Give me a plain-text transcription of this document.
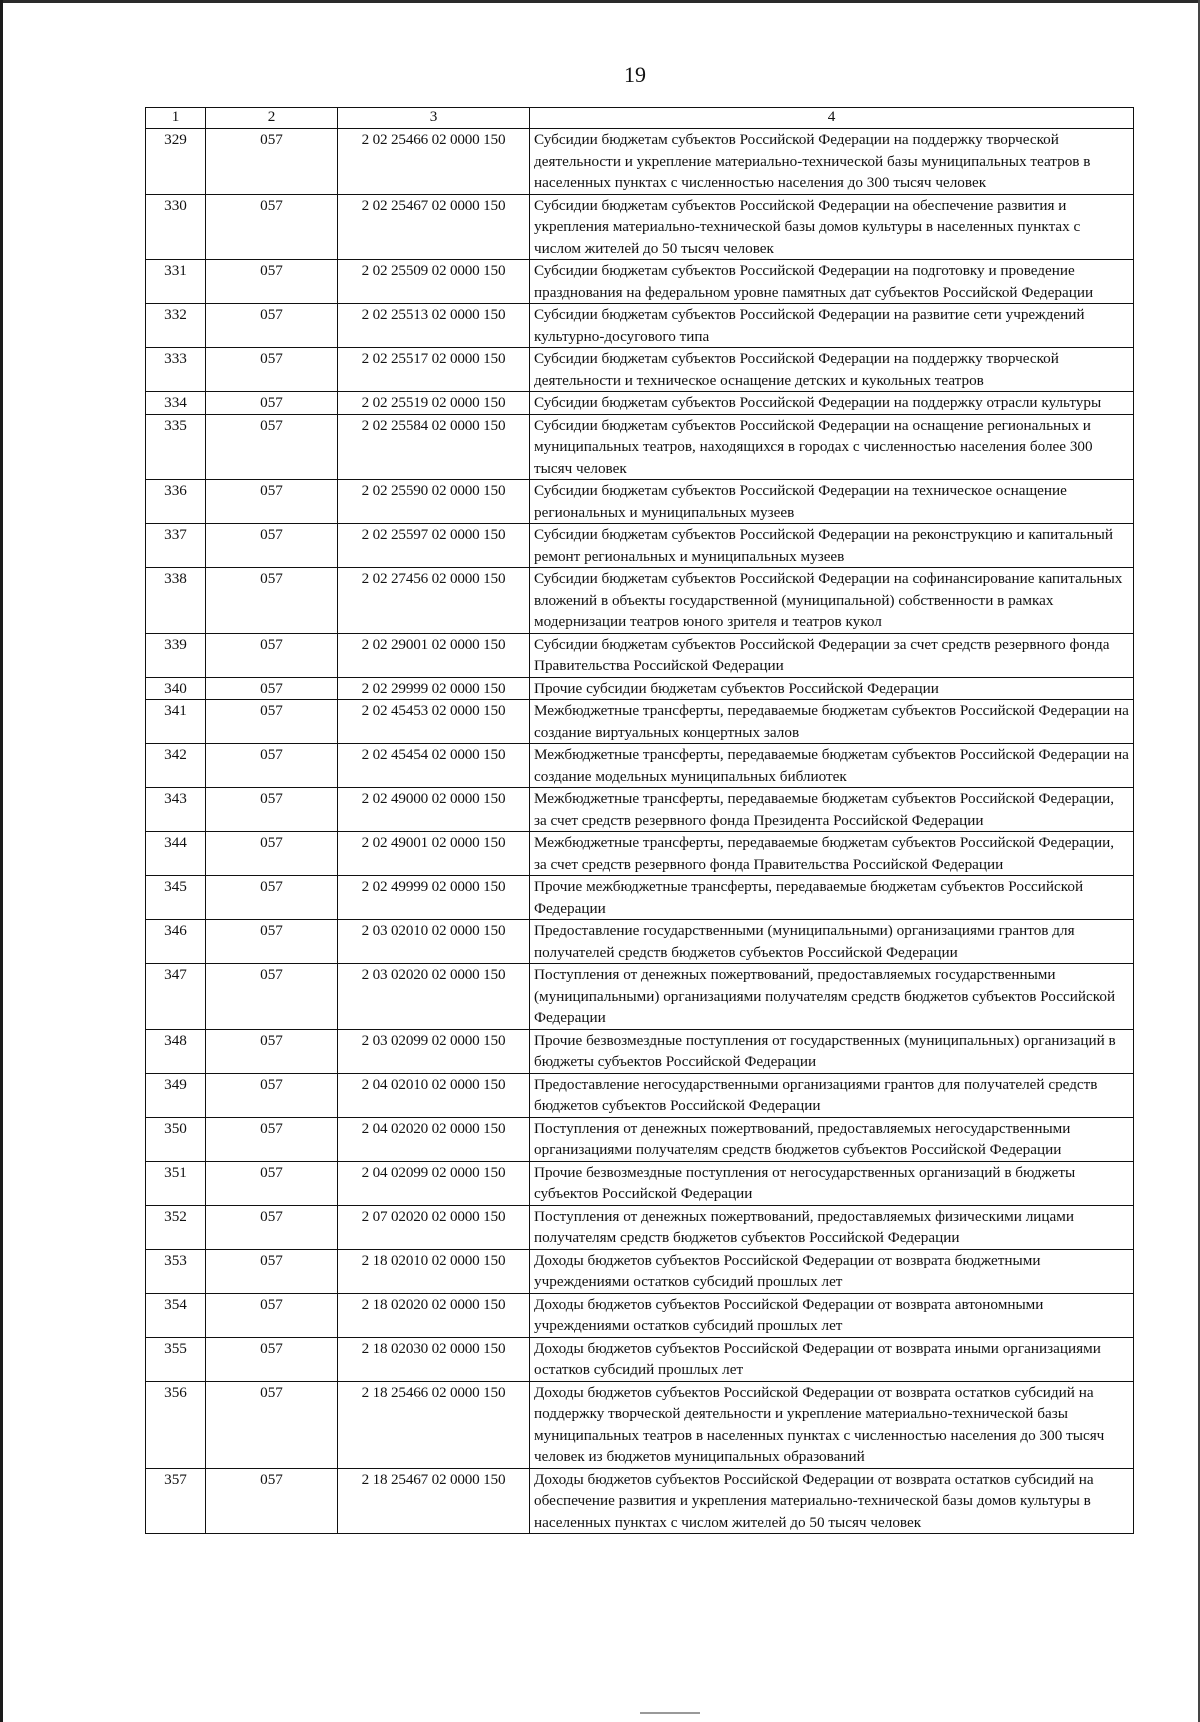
19
1	2	3	4
329	057	2 02 25466 02 0000 150	Субсидии бюджетам субъектов Российской Федерации на поддержку творческой деятельности и укрепление материально-технической базы муниципальных театров в населенных пунктах с численностью населения до 300 тысяч человек
330	057	2 02 25467 02 0000 150	Субсидии бюджетам субъектов Российской Федерации на обеспечение развития и укрепления материально-технической базы домов культуры в населенных пунктах с числом жителей до 50 тысяч человек
331	057	2 02 25509 02 0000 150	Субсидии бюджетам субъектов Российской Федерации на подготовку и проведение празднования на федеральном уровне памятных дат субъектов Российской Федерации
332	057	2 02 25513 02 0000 150	Субсидии бюджетам субъектов Российской Федерации на развитие сети учреждений культурно-досугового типа
333	057	2 02 25517 02 0000 150	Субсидии бюджетам субъектов Российской Федерации на поддержку творческой деятельности и техническое оснащение детских и кукольных театров
334	057	2 02 25519 02 0000 150	Субсидии бюджетам субъектов Российской Федерации на поддержку отрасли культуры
335	057	2 02 25584 02 0000 150	Субсидии бюджетам субъектов Российской Федерации на оснащение региональных и муниципальных театров, находящихся в городах с численностью населения более 300 тысяч человек
336	057	2 02 25590 02 0000 150	Субсидии бюджетам субъектов Российской Федерации на техническое оснащение региональных и муниципальных музеев
337	057	2 02 25597 02 0000 150	Субсидии бюджетам субъектов Российской Федерации на реконструкцию и капитальный ремонт региональных и муниципальных музеев
338	057	2 02 27456 02 0000 150	Субсидии бюджетам субъектов Российской Федерации на софинансирование капитальных вложений в объекты государственной (муниципальной) собственности в рамках модернизации театров юного зрителя и театров кукол
339	057	2 02 29001 02 0000 150	Субсидии бюджетам субъектов Российской Федерации за счет средств резервного фонда Правительства Российской Федерации
340	057	2 02 29999 02 0000 150	Прочие субсидии бюджетам субъектов Российской Федерации
341	057	2 02 45453 02 0000 150	Межбюджетные трансферты, передаваемые бюджетам субъектов Российской Федерации на создание виртуальных концертных залов
342	057	2 02 45454 02 0000 150	Межбюджетные трансферты, передаваемые бюджетам субъектов Российской Федерации на создание модельных муниципальных библиотек
343	057	2 02 49000 02 0000 150	Межбюджетные трансферты, передаваемые бюджетам субъектов Российской Федерации, за счет средств резервного фонда Президента Российской Федерации
344	057	2 02 49001 02 0000 150	Межбюджетные трансферты, передаваемые бюджетам субъектов Российской Федерации, за счет средств резервного фонда Правительства Российской Федерации
345	057	2 02 49999 02 0000 150	Прочие межбюджетные трансферты, передаваемые бюджетам субъектов Российской Федерации
346	057	2 03 02010 02 0000 150	Предоставление государственными (муниципальными) организациями грантов для получателей средств бюджетов субъектов Российской Федерации
347	057	2 03 02020 02 0000 150	Поступления от денежных пожертвований, предоставляемых государственными (муниципальными) организациями получателям средств бюджетов субъектов Российской Федерации
348	057	2 03 02099 02 0000 150	Прочие безвозмездные поступления от государственных (муниципальных) организаций в бюджеты субъектов Российской Федерации
349	057	2 04 02010 02 0000 150	Предоставление негосударственными организациями грантов для получателей средств бюджетов субъектов Российской Федерации
350	057	2 04 02020 02 0000 150	Поступления от денежных пожертвований, предоставляемых негосударственными организациями получателям средств бюджетов субъектов Российской Федерации
351	057	2 04 02099 02 0000 150	Прочие безвозмездные поступления от негосударственных организаций в бюджеты субъектов Российской Федерации
352	057	2 07 02020 02 0000 150	Поступления от денежных пожертвований, предоставляемых физическими лицами получателям средств бюджетов субъектов Российской Федерации
353	057	2 18 02010 02 0000 150	Доходы бюджетов субъектов Российской Федерации от возврата бюджетными учреждениями остатков субсидий прошлых лет
354	057	2 18 02020 02 0000 150	Доходы бюджетов субъектов Российской Федерации от возврата автономными учреждениями остатков субсидий прошлых лет
355	057	2 18 02030 02 0000 150	Доходы бюджетов субъектов Российской Федерации от возврата иными организациями остатков субсидий прошлых лет
356	057	2 18 25466 02 0000 150	Доходы бюджетов субъектов Российской Федерации от возврата остатков субсидий на поддержку творческой деятельности и укрепление материально-технической базы муниципальных театров в населенных пунктах с численностью населения до 300 тысяч человек из бюджетов муниципальных образований
357	057	2 18 25467 02 0000 150	Доходы бюджетов субъектов Российской Федерации от возврата остатков субсидий на обеспечение развития и укрепления материально-технической базы домов культуры в населенных пунктах с числом жителей до 50 тысяч человек
